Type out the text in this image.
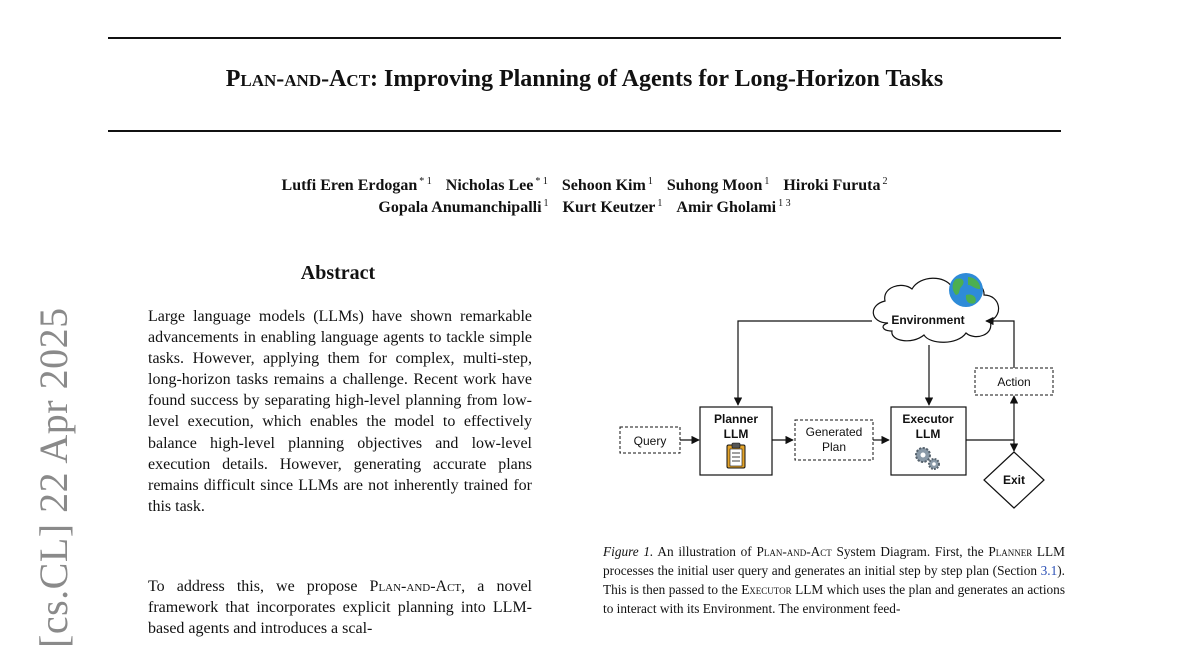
Plan-and-Act: Improving Planning of Agents for Long-Horizon Tasks
Lutfi Eren Erdogan $^{* 1}$ Nicholas Lee $^{* 1}$ Sehoon Kim $^1$ Suhong Moon $^1$ Hiroki Furuta $^2$
Gopala Anumanchipalli $^1$ Kurt Keutzer $^1$ Amir Gholami $^{1 3}$
[cs.CL] 22 Apr 2025
Abstract

Large language models (LLMs) have shown remarkable advancements in enabling language agents to tackle simple tasks. However, applying them for complex, multi-step, long-horizon tasks remains a challenge. Recent work have found success by separating high-level planning from low-level execution, which enables the model to effectively balance high-level planning objectives and low-level execution details. However, generating accurate plans remains difficult since LLMs are not inherently trained for this task.

To address this, we propose Plan-and-Act, a novel framework that incorporates explicit planning into LLM-based agents and introduces a scal-

Environment
Query
Planner
LLM	Generated
Plan
Executor
LLM
Action
Exit

Figure 1. An illustration of Plan-and-Act System Diagram. First, the Planner LLM processes the initial user query and generates an initial step by step plan (Section 3.1). This is then passed to the Executor LLM which uses the plan and generates an actions to interact with its Environment. The environment feed-
